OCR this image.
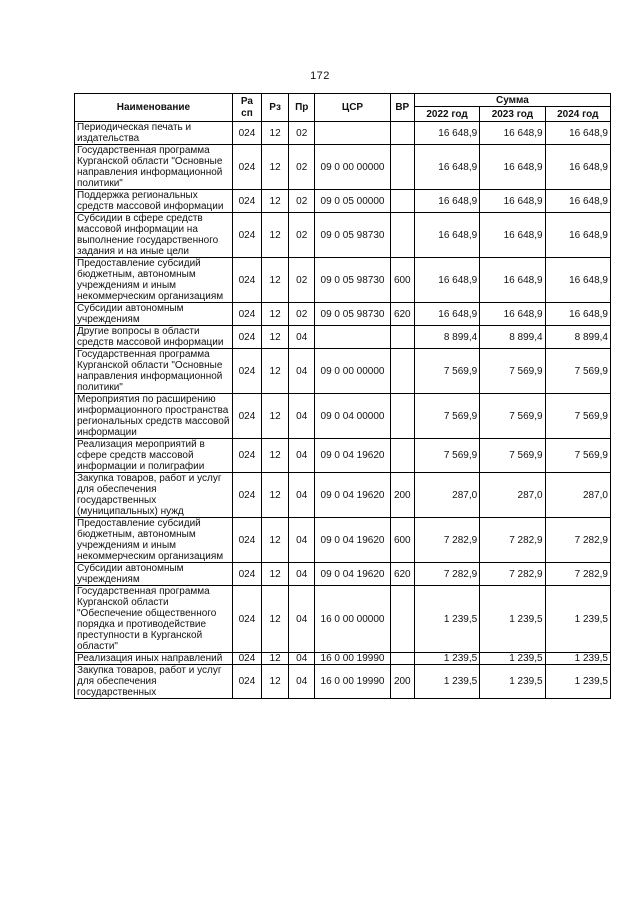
172
Наименование	Ра сп	Рз	Пр	ЦСР	ВР	Сумма		
						2022 год	2023 год	2024 год
Периодическая печать и издательства	024	12	02			16 648,9	16 648,9	16 648,9
Государственная программа Курганской области "Основные направления информационной политики"	024	12	02	09 0 00 00000		16 648,9	16 648,9	16 648,9
Поддержка региональных средств массовой информации	024	12	02	09 0 05 00000		16 648,9	16 648,9	16 648,9
Субсидии в сфере средств массовой информации на выполнение государственного задания и на иные цели	024	12	02	09 0 05 98730		16 648,9	16 648,9	16 648,9
Предоставление субсидий бюджетным, автономным учреждениям и иным некоммерческим организациям	024	12	02	09 0 05 98730	600	16 648,9	16 648,9	16 648,9
Субсидии автономным учреждениям	024	12	02	09 0 05 98730	620	16 648,9	16 648,9	16 648,9
Другие вопросы в области средств массовой информации	024	12	04			8 899,4	8 899,4	8 899,4
Государственная программа Курганской области "Основные направления информационной политики"	024	12	04	09 0 00 00000		7 569,9	7 569,9	7 569,9
Мероприятия по расширению информационного пространства региональных средств массовой информации	024	12	04	09 0 04 00000		7 569,9	7 569,9	7 569,9
Реализация мероприятий в сфере средств массовой информации и полиграфии	024	12	04	09 0 04 19620		7 569,9	7 569,9	7 569,9
Закупка товаров, работ и услуг для обеспечения государственных (муниципальных) нужд	024	12	04	09 0 04 19620	200	287,0	287,0	287,0
Предоставление субсидий бюджетным, автономным учреждениям и иным некоммерческим организациям	024	12	04	09 0 04 19620	600	7 282,9	7 282,9	7 282,9
Субсидии автономным учреждениям	024	12	04	09 0 04 19620	620	7 282,9	7 282,9	7 282,9
Государственная программа Курганской области "Обеспечение общественного порядка и противодействие преступности в Курганской области"	024	12	04	16 0 00 00000		1 239,5	1 239,5	1 239,5
Реализация иных направлений	024	12	04	16 0 00 19990		1 239,5	1 239,5	1 239,5
Закупка товаров, работ и услуг для обеспечения государственных	024	12	04	16 0 00 19990	200	1 239,5	1 239,5	1 239,5
